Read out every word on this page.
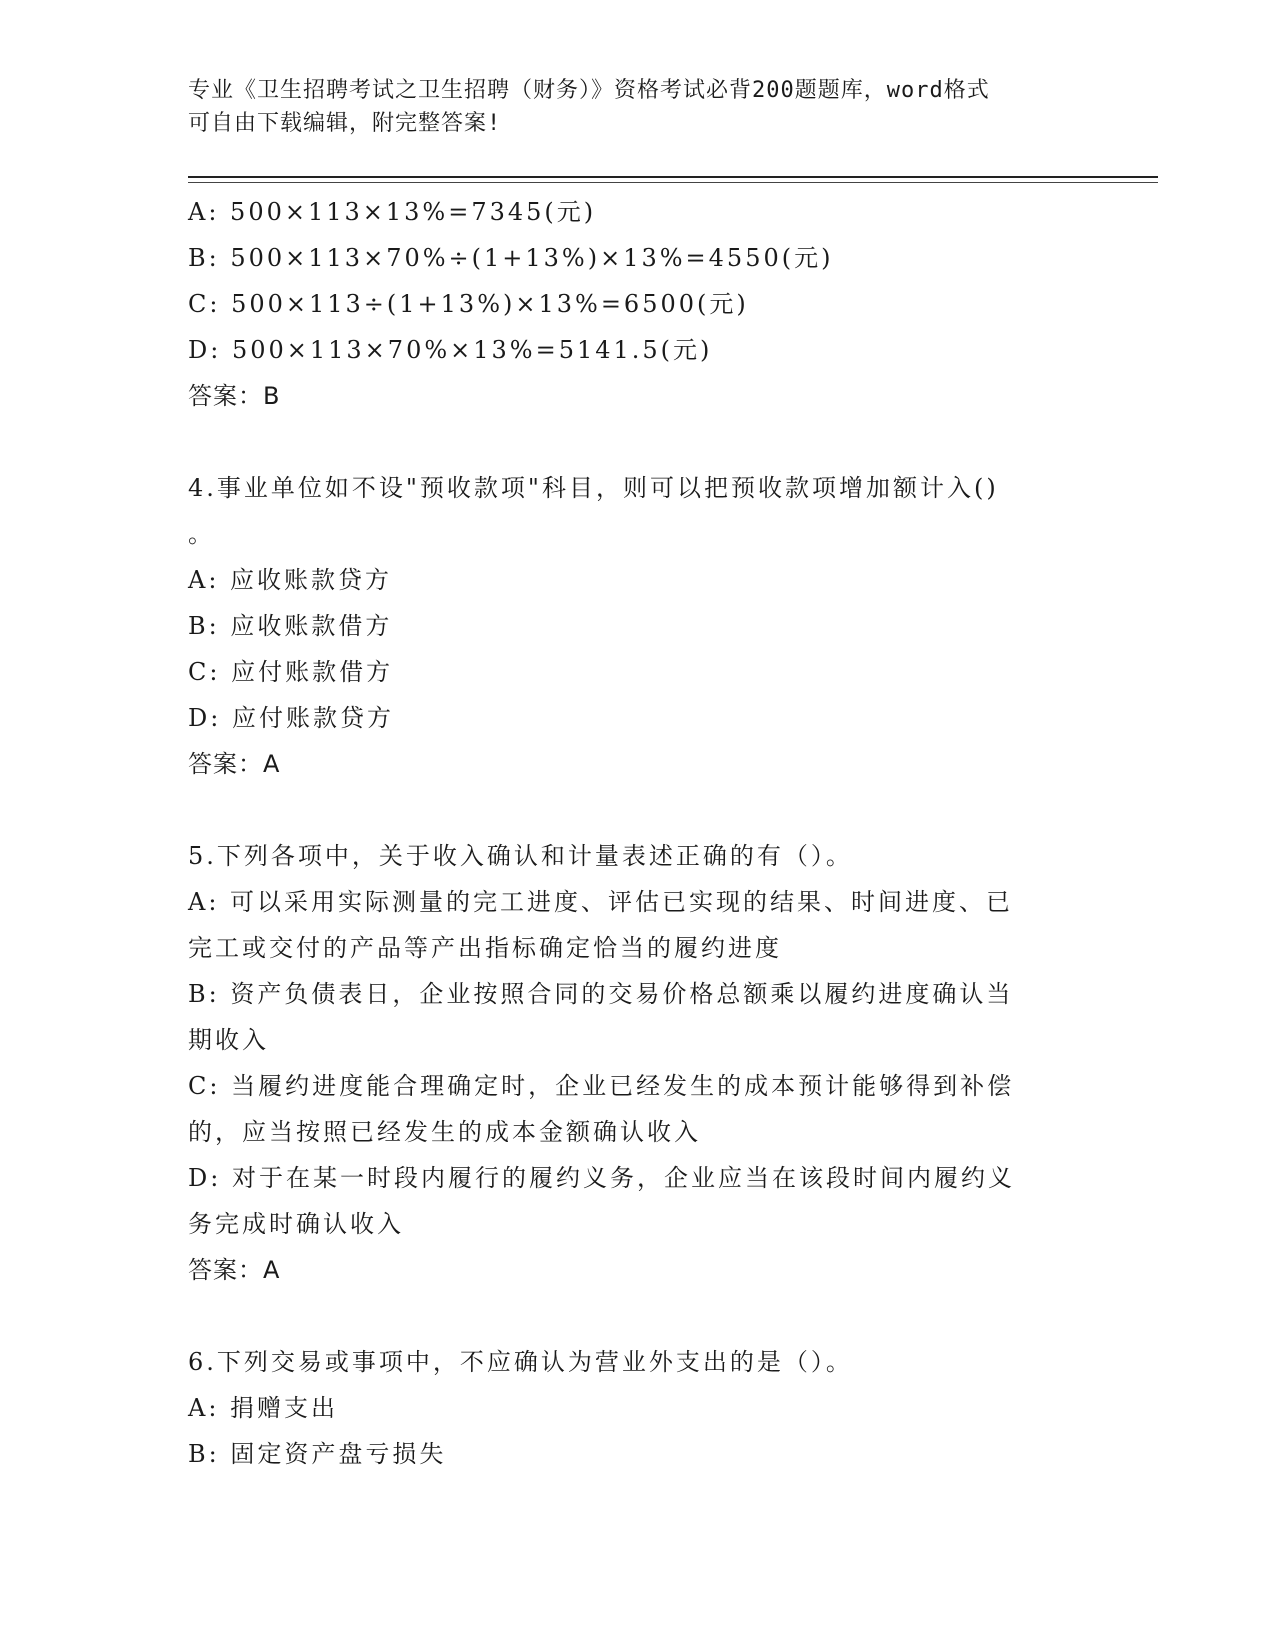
专业《卫生招聘考试之卫生招聘（财务）》资格考试必背200题题库，word格式
可自由下载编辑，附完整答案!
A: 500×113×13%=7345(元)
B: 500×113×70%÷(1+13%)×13%=4550(元)
C: 500×113÷(1+13%)×13%=6500(元)
D: 500×113×70%×13%=5141.5(元)
答案：B
4.事业单位如不设"预收款项"科目，则可以把预收款项增加额计入()
。
A: 应收账款贷方
B: 应收账款借方
C: 应付账款借方
D: 应付账款贷方
答案：A
5.下列各项中，关于收入确认和计量表述正确的有（）。
A: 可以采用实际测量的完工进度、评估已实现的结果、时间进度、已
完工或交付的产品等产出指标确定恰当的履约进度
B: 资产负债表日，企业按照合同的交易价格总额乘以履约进度确认当
期收入
C: 当履约进度能合理确定时，企业已经发生的成本预计能够得到补偿
的，应当按照已经发生的成本金额确认收入
D: 对于在某一时段内履行的履约义务，企业应当在该段时间内履约义
务完成时确认收入
答案：A
6.下列交易或事项中，不应确认为营业外支出的是（）。
A: 捐赠支出
B: 固定资产盘亏损失
